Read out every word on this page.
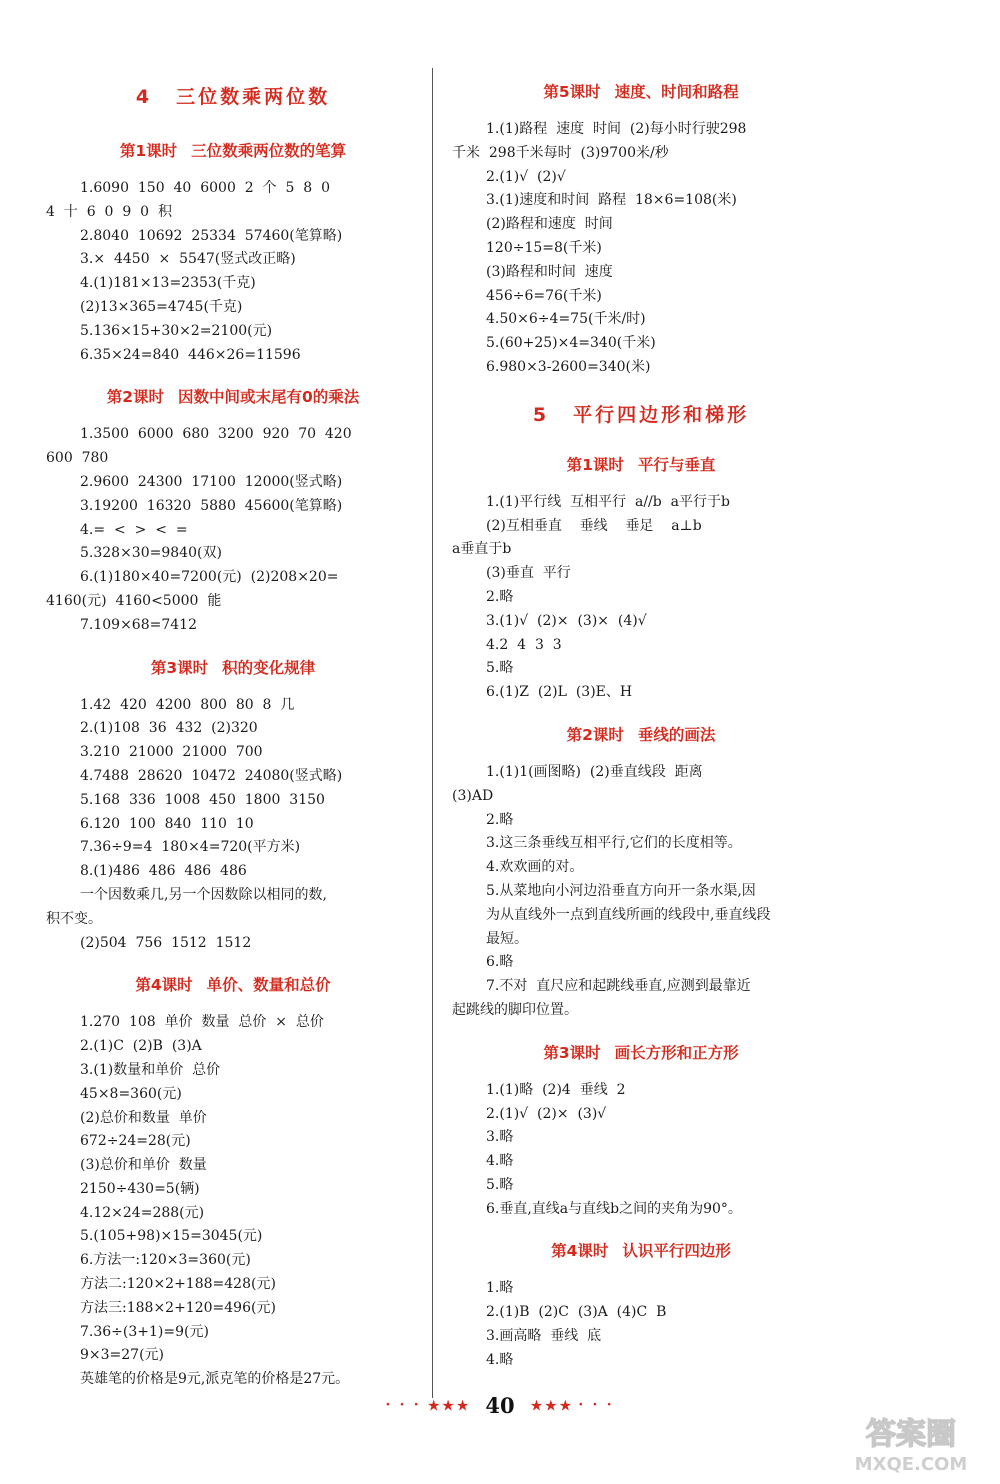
4 三位数乘两位数
第1课时 三位数乘两位数的笔算
1.6090  150  40  6000  2  个  5  8  0
4  十  6  0  9  0  积
2.8040  10692  25334  57460(笔算略)
3.×  4450  ×  5547(竖式改正略)
4.(1)181×13=2353(千克)
(2)13×365=4745(千克)
5.136×15+30×2=2100(元)
6.35×24=840  446×26=11596
第2课时 因数中间或末尾有0的乘法
1.3500  6000  680  3200  920  70  420
600  780
2.9600  24300  17100  12000(竖式略)
3.19200  16320  5880  45600(笔算略)
4.=  <  >  <  =
5.328×30=9840(双)
6.(1)180×40=7200(元)  (2)208×20=
4160(元)  4160<5000  能
7.109×68=7412
第3课时 积的变化规律
1.42  420  4200  800  80  8  几
2.(1)108  36  432  (2)320
3.210  21000  21000  700
4.7488  28620  10472  24080(竖式略)
5.168  336  1008  450  1800  3150
6.120  100  840  110  10
7.36÷9=4  180×4=720(平方米)
8.(1)486  486  486  486
一个因数乘几,另一个因数除以相同的数,
积不变。
(2)504  756  1512  1512
第4课时 单价、数量和总价
1.270  108  单价  数量  总价  ×  总价
2.(1)C  (2)B  (3)A
3.(1)数量和单价  总价
45×8=360(元)
(2)总价和数量  单价
672÷24=28(元)
(3)总价和单价  数量
2150÷430=5(辆)
4.12×24=288(元)
5.(105+98)×15=3045(元)
6.方法一:120×3=360(元)
方法二:120×2+188=428(元)
方法三:188×2+120=496(元)
7.36÷(3+1)=9(元)
9×3=27(元)
英雄笔的价格是9元,派克笔的价格是27元。
第5课时 速度、时间和路程
1.(1)路程  速度  时间  (2)每小时行驶298
千米  298千米每时  (3)9700米/秒
2.(1)√  (2)√
3.(1)速度和时间  路程  18×6=108(米)
(2)路程和速度  时间
120÷15=8(千米)
(3)路程和时间  速度
456÷6=76(千米)
4.50×6÷4=75(千米/时)
5.(60+25)×4=340(千米)
6.980×3-2600=340(米)
5 平行四边形和梯形
第1课时 平行与垂直
1.(1)平行线  互相平行  a//b  a平行于b
(2)互相垂直    垂线    垂足    a⊥b
a垂直于b
(3)垂直  平行
2.略
3.(1)√  (2)×  (3)×  (4)√
4.2  4  3  3
5.略
6.(1)Z  (2)L  (3)E、H
第2课时 垂线的画法
1.(1)1(画图略)  (2)垂直线段  距离
(3)AD
2.略
3.这三条垂线互相平行,它们的长度相等。
4.欢欢画的对。
5.从菜地向小河边沿垂直方向开一条水渠,因
为从直线外一点到直线所画的线段中,垂直线段
最短。
6.略
7.不对  直尺应和起跳线垂直,应测到最靠近
起跳线的脚印位置。
第3课时 画长方形和正方形
1.(1)略  (2)4  垂线  2
2.(1)√  (2)×  (3)√
3.略
4.略
5.略
6.垂直,直线a与直线b之间的夹角为90°。
第4课时 认识平行四边形
1.略
2.(1)B  (2)C  (3)A  (4)C  B
3.画高略  垂线  底
4.略
• • • ★★★ 40 ★★★ • • •
答案圈
MXQE.COM
